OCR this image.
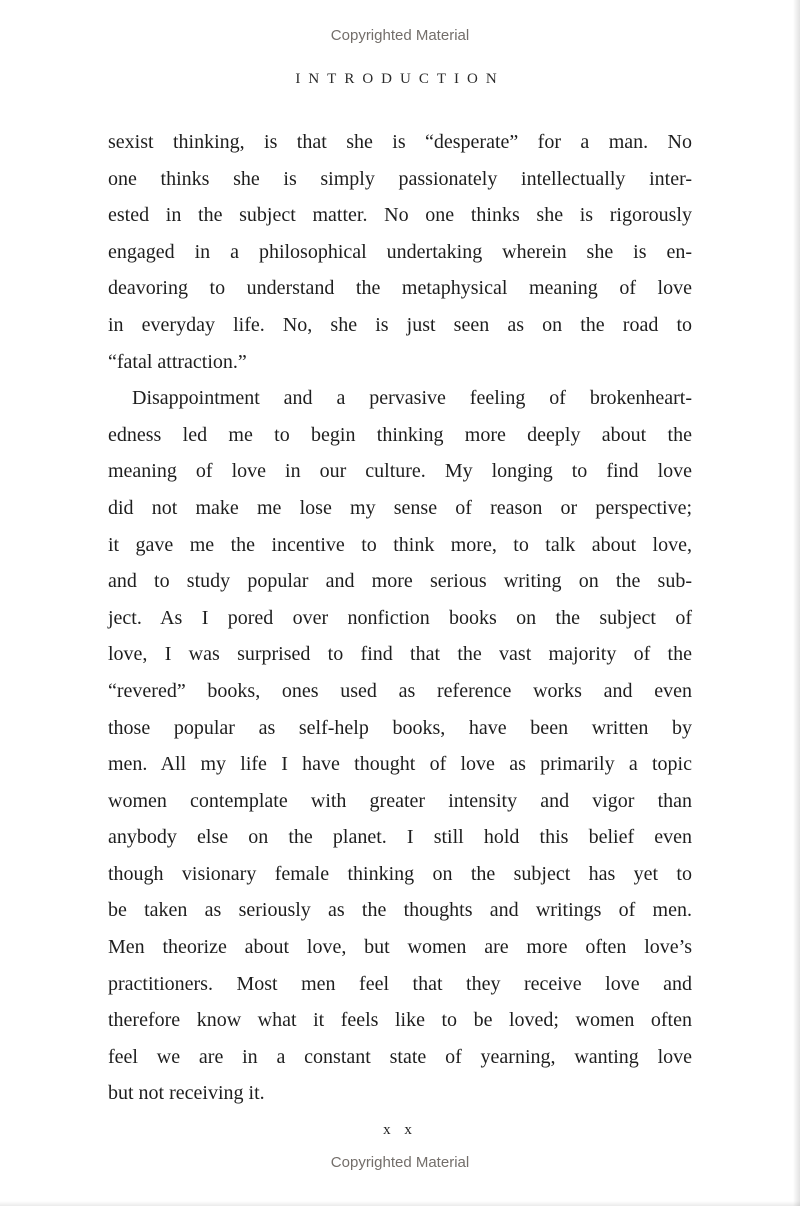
Copyrighted Material
INTRODUCTION
sexist thinking, is that she is “desperate” for a man. No
one thinks she is simply passionately intellectually inter-
ested in the subject matter. No one thinks she is rigorously
engaged in a philosophical undertaking wherein she is en-
deavoring to understand the metaphysical meaning of love
in everyday life. No, she is just seen as on the road to
“fatal attraction.”
Disappointment and a pervasive feeling of brokenheart-
edness led me to begin thinking more deeply about the
meaning of love in our culture. My longing to find love
did not make me lose my sense of reason or perspective;
it gave me the incentive to think more, to talk about love,
and to study popular and more serious writing on the sub-
ject. As I pored over nonfiction books on the subject of
love, I was surprised to find that the vast majority of the
“revered” books, ones used as reference works and even
those popular as self-help books, have been written by
men. All my life I have thought of love as primarily a topic
women contemplate with greater intensity and vigor than
anybody else on the planet. I still hold this belief even
though visionary female thinking on the subject has yet to
be taken as seriously as the thoughts and writings of men.
Men theorize about love, but women are more often love’s
practitioners. Most men feel that they receive love and
therefore know what it feels like to be loved; women often
feel we are in a constant state of yearning, wanting love
but not receiving it.
x x
Copyrighted Material
